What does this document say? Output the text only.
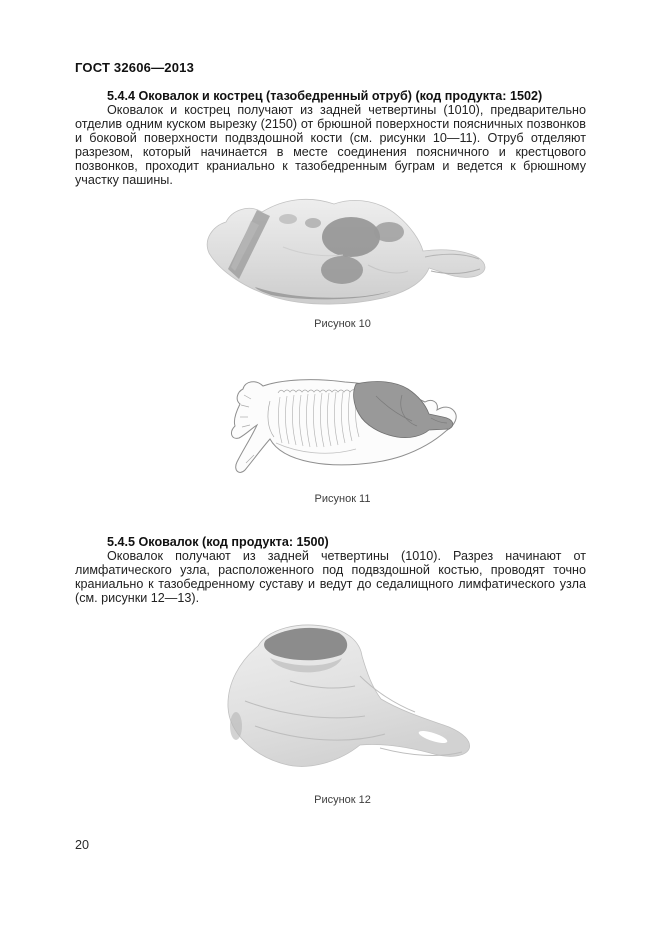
ГОСТ 32606—2013
5.4.4 Оковалок и кострец (тазобедренный отруб) (код продукта: 1502)

Оковалок и кострец получают из задней четвертины (1010), предварительно отделив одним куском вырезку (2150) от брюшной поверхности поясничных позвонков и боковой поверхности подвздошной кости (см. рисунки 10—11). Отруб отделяют разрезом, который начинается в месте соединения поясничного и крестцового позвонков, проходит краниально к тазобедренным буграм и ведется к брюшному участку пашины.

Рисунок 10
Рисунок 11
5.4.5 Оковалок (код продукта: 1500)

Оковалок получают из задней четвертины (1010). Разрез начинают от лимфатического узла, расположенного под подвздошной костью, проводят точно краниально к тазобедренному суставу и ведут до седалищного лимфатического узла (см. рисунки 12—13).

Рисунок 12
20
